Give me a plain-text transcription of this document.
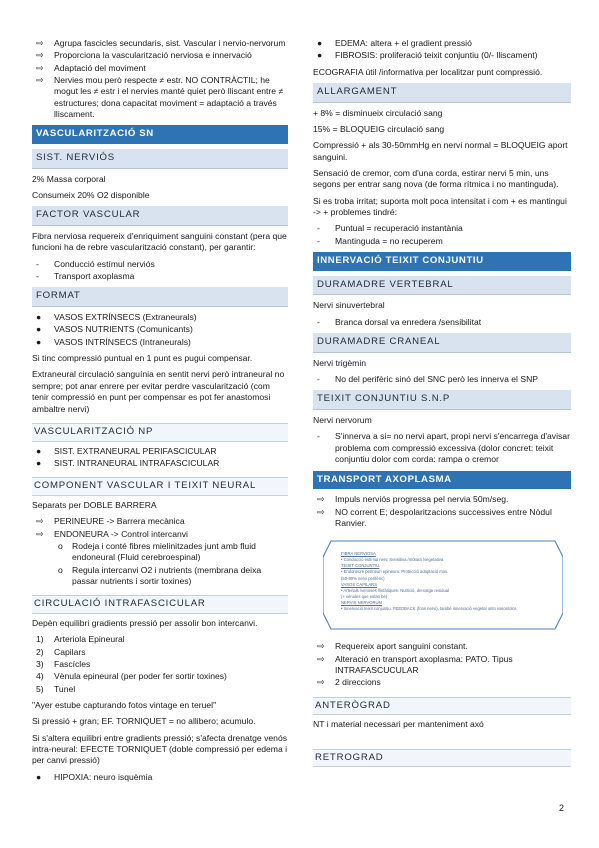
⇨ Agrupa fascicles secundaris, sist. Vascular i nervio-nervorum
⇨ Proporciona la vascularització nerviosa e innervació
⇨ Adaptació del moviment
⇨ Nervies mou però respecte ≠ estr. NO CONTRÀCTIL; he mogut les ≠ estr i el nervies manté quiet però lliscant entre ≠ estructures; dona capacitat moviment = adaptació a través lliscament.
VASCULARITZACIÓ SN
SIST. NERVIÓS
2% Massa corporal
Consumeix 20% O2 disponible
FACTOR VASCULAR
Fibra nerviosa requereix d'enriquiment sanguini constant (pera que funcioni ha de rebre vascularització constant), per garantir:
- Conducció estímul nerviós
- Transport axoplasma
FORMAT
● VASOS EXTRÍNSECS (Extraneurals)
● VASOS NUTRIENTS (Comunicants)
● VASOS INTRÍNSECS (Intraneurals)
Si tinc compressió puntual en 1 punt es pugui compensar.
Extraneural circulació sanguínia en sentit nervi però intraneural no sempre; pot anar enrere per evitar perdre vascularització (com tenir compressió en punt per compensar es pot fer anastomosi ambaltre nervi)
VASCULARITZACIÓ NP
● SIST. EXTRANEURAL PERIFASCICULAR
● SIST. INTRANEURAL INTRAFASCICULAR
COMPONENT VASCULAR I TEIXIT NEURAL
Separats per DOBLE BARRERA
⇨ PERINEURE -> Barrera mecànica
⇨ ENDONEURA -> Control intercanvi
o Rodeja i conté fibres mielinitzades junt amb fluid endoneural (Fluid cerebroespinal)
o Regula intercanvi O2 i nutrients (membrana deixa passar nutrients i sortir toxines)
CIRCULACIÓ INTRAFASCICULAR
Depèn equilibri gradients pressió per assolir bon intercanvi.
1) Arteriola Epineural
2) Capilars
3) Fascícles
4) Vènula epineural (per poder fer sortir toxines)
5) Tunel
"Ayer estube capturando fotos vintage en teruel"
Si pressió + gran; EF. TORNIQUET = no allibero; acumulo.
Si s'altera equilibri entre gradients pressió; s'afecta drenatge venós intra-neural: EFECTE TORNIQUET (doble compressió per edema i per canvi pressió)
● HIPOXIA: neuro isquèmia
● EDEMA: altera + el gradient pressió
● FIBROSIS: proliferació teixit conjuntiu (0/- lliscament)
ECOGRAFIA útil /informativa per localitzar punt compressió.
ALLARGAMENT
+ 8% = disminueix circulació sang
15% = BLOQUEIG circulació sang
Compressió + als 30-50mmHg en nervi normal = BLOQUEIG aport sanguini.
Sensació de cremor, com d'una corda, estirar nervi 5 min, uns segons per entrar sang nova (de forma rítmica i no mantinguda).
Si es troba irritat; suporta molt poca intensitat i com + es mantingui -> + problemes tindré:
- Puntual = recuperació instantània
- Mantinguda = no recuperem
INNERVACIÓ TEIXIT CONJUNTIU
DURAMADRE VERTEBRAL
Nervi sinuvertebral
- Branca dorsal va enredera /sensibilitat
DURAMADRE CRANEAL
Nervi trigèmin
- No del perifèric sinó del SNC però les innerva el SNP
TEIXIT CONJUNTIU S.N.P
Nervi nervorum
- S'innerva a si= no nervi apart, propi nervi s'encarrega d'avisar problema com compressió excessiva (dolor concret: teixit conjuntiu dolor com corda: rampa o cremor
TRANSPORT AXOPLASMA
⇨ Impuls nerviós progressa pel nervia 50m/seg.
⇨ NO corrent E; despolaritzacions successives entre Nòdul Ranvier.
FIBRA NERVIOSA
• Conducció estímul nerv. Sensitiva /motora /vegetativa
TEIXIT CONJUNTIU
• Endoneure perineuri epineuro. Protecció adaptació mov.
(50-80% nervi perifèric)
VASOS CAPILARS
• Arterials /venoses /linfàtiques. Nutrició, drenatge residual
(+ vènules que estan bé)
NERVIS NERVORUM
• Innervació teixit conjuntiu. FEEDBACK (fons nervi), també innervació vegetal urito vasos/olor.
⇨ Requereix aport sanguini constant.
⇨ Alteració en transport axoplasma: PATO. Tipus INTRAFASCUCULAR
⇨ 2 direccions
ANTERÒGRAD
NT i material necessari per manteniment axó
RETROGRAD
2
